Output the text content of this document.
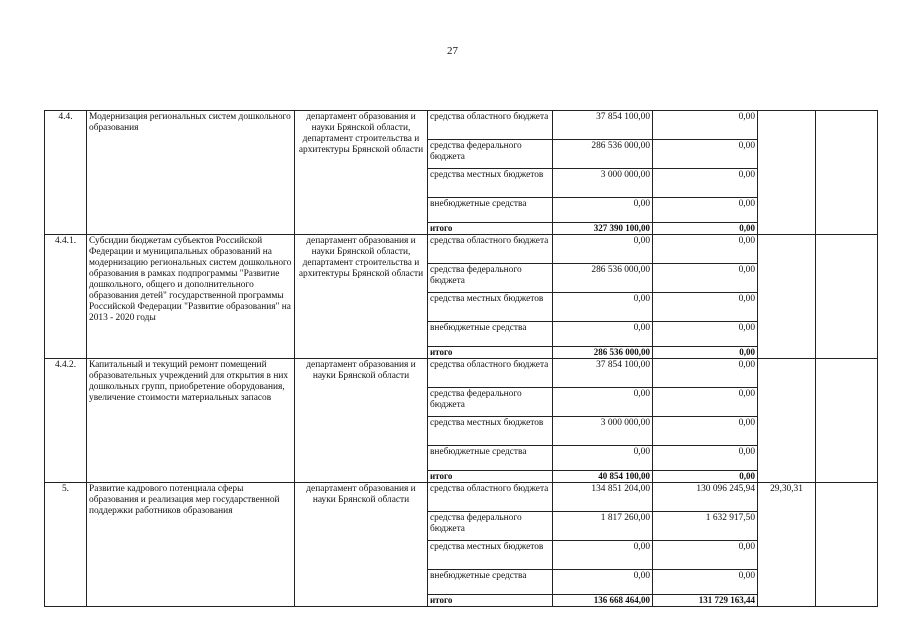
27
4.4.	Модернизация региональных систем дошкольного образования	департамент образования и науки Брянской области, департамент строительства и архитектуры Брянской области	средства областного бюджета	37 854 100,00	0,00		
			средства федерального бюджета	286 536 000,00	0,00		
			средства местных бюджетов	3 000 000,00	0,00		
			внебюджетные средства	0,00	0,00		
			итого	327 390 100,00	0,00		
4.4.1.	Субсидии бюджетам субъектов Российской Федерации и муниципальных образований на модернизацию региональных систем дошкольного образования в рамках подпрограммы "Развитие дошкольного, общего и дополнительного образования детей" государственной программы Российской Федерации "Развитие образования" на 2013 - 2020 годы	департамент образования и науки Брянской области, департамент строительства и архитектуры Брянской области	средства областного бюджета	0,00	0,00		
			средства федерального бюджета	286 536 000,00	0,00		
			средства местных бюджетов	0,00	0,00		
			внебюджетные средства	0,00	0,00		
			итого	286 536 000,00	0,00		
4.4.2.	Капитальный и текущий ремонт помещений образовательных учреждений для открытия в них дошкольных групп, приобретение оборудования, увеличение стоимости материальных запасов	департамент образования и науки Брянской области	средства областного бюджета	37 854 100,00	0,00		
			средства федерального бюджета	0,00	0,00		
			средства местных бюджетов	3 000 000,00	0,00		
			внебюджетные средства	0,00	0,00		
			итого	40 854 100,00	0,00		
5.	Развитие кадрового потенциала сферы образования и реализация мер государственной поддержки работников образования	департамент образования и науки Брянской области	средства областного бюджета	134 851 204,00	130 096 245,94	29,30,31	
			средства федерального бюджета	1 817 260,00	1 632 917,50		
			средства местных бюджетов	0,00	0,00		
			внебюджетные средства	0,00	0,00		
			итого	136 668 464,00	131 729 163,44		
